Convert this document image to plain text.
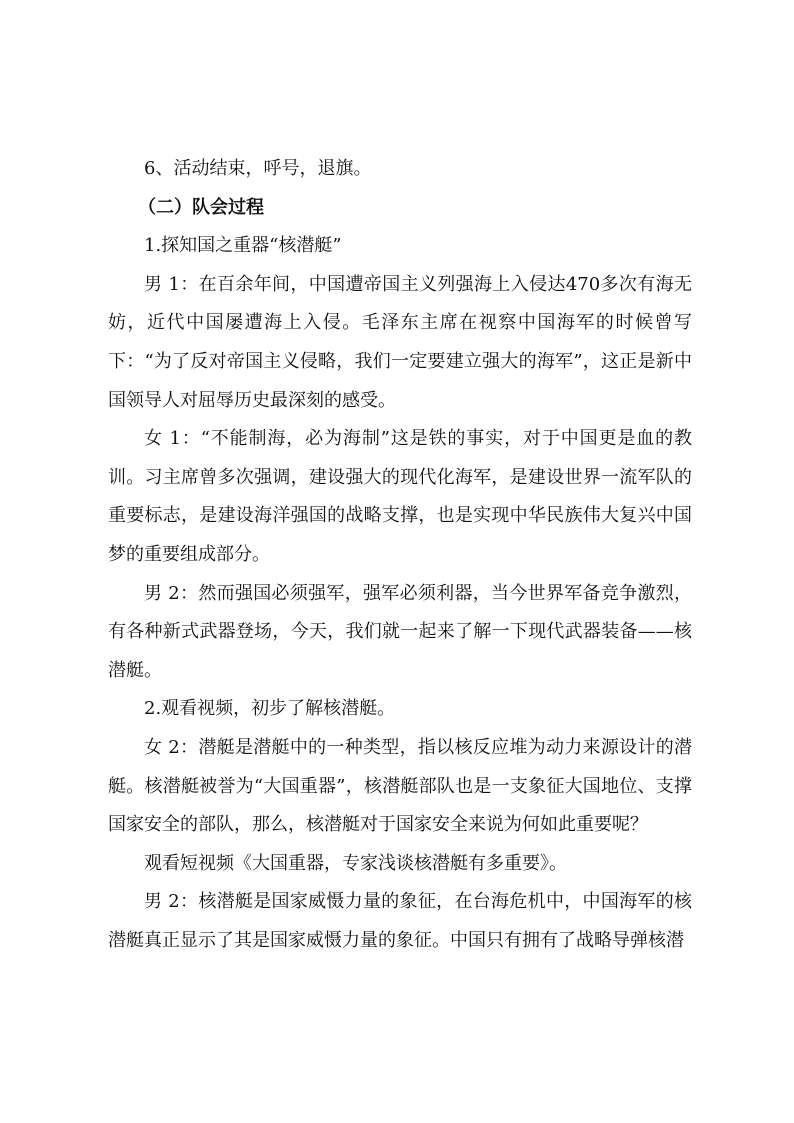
6、活动结束，呼号，退旗。

（二）队会过程

1.探知国之重器“核潜艇”

男 1：在百余年间，中国遭帝国主义列强海上入侵达470多次有海无妨，近代中国屡遭海上入侵。毛泽东主席在视察中国海军的时候曾写下：“为了反对帝国主义侵略，我们一定要建立强大的海军”，这正是新中国领导人对屈辱历史最深刻的感受。

女 1：“不能制海，必为海制”这是铁的事实，对于中国更是血的教训。习主席曾多次强调，建设强大的现代化海军，是建设世界一流军队的重要标志，是建设海洋强国的战略支撑，也是实现中华民族伟大复兴中国梦的重要组成部分。

男 2：然而强国必须强军，强军必须利器，当今世界军备竞争激烈，有各种新式武器登场，今天，我们就一起来了解一下现代武器装备——核潜艇。

2.观看视频，初步了解核潜艇。

女 2：潜艇是潜艇中的一种类型，指以核反应堆为动力来源设计的潜艇。核潜艇被誉为“大国重器”，核潜艇部队也是一支象征大国地位、支撑国家安全的部队，那么，核潜艇对于国家安全来说为何如此重要呢？

观看短视频《大国重器，专家浅谈核潜艇有多重要》。

男 2：核潜艇是国家威慑力量的象征，在台海危机中，中国海军的核潜艇真正显示了其是国家威慑力量的象征。中国只有拥有了战略导弹核潜
